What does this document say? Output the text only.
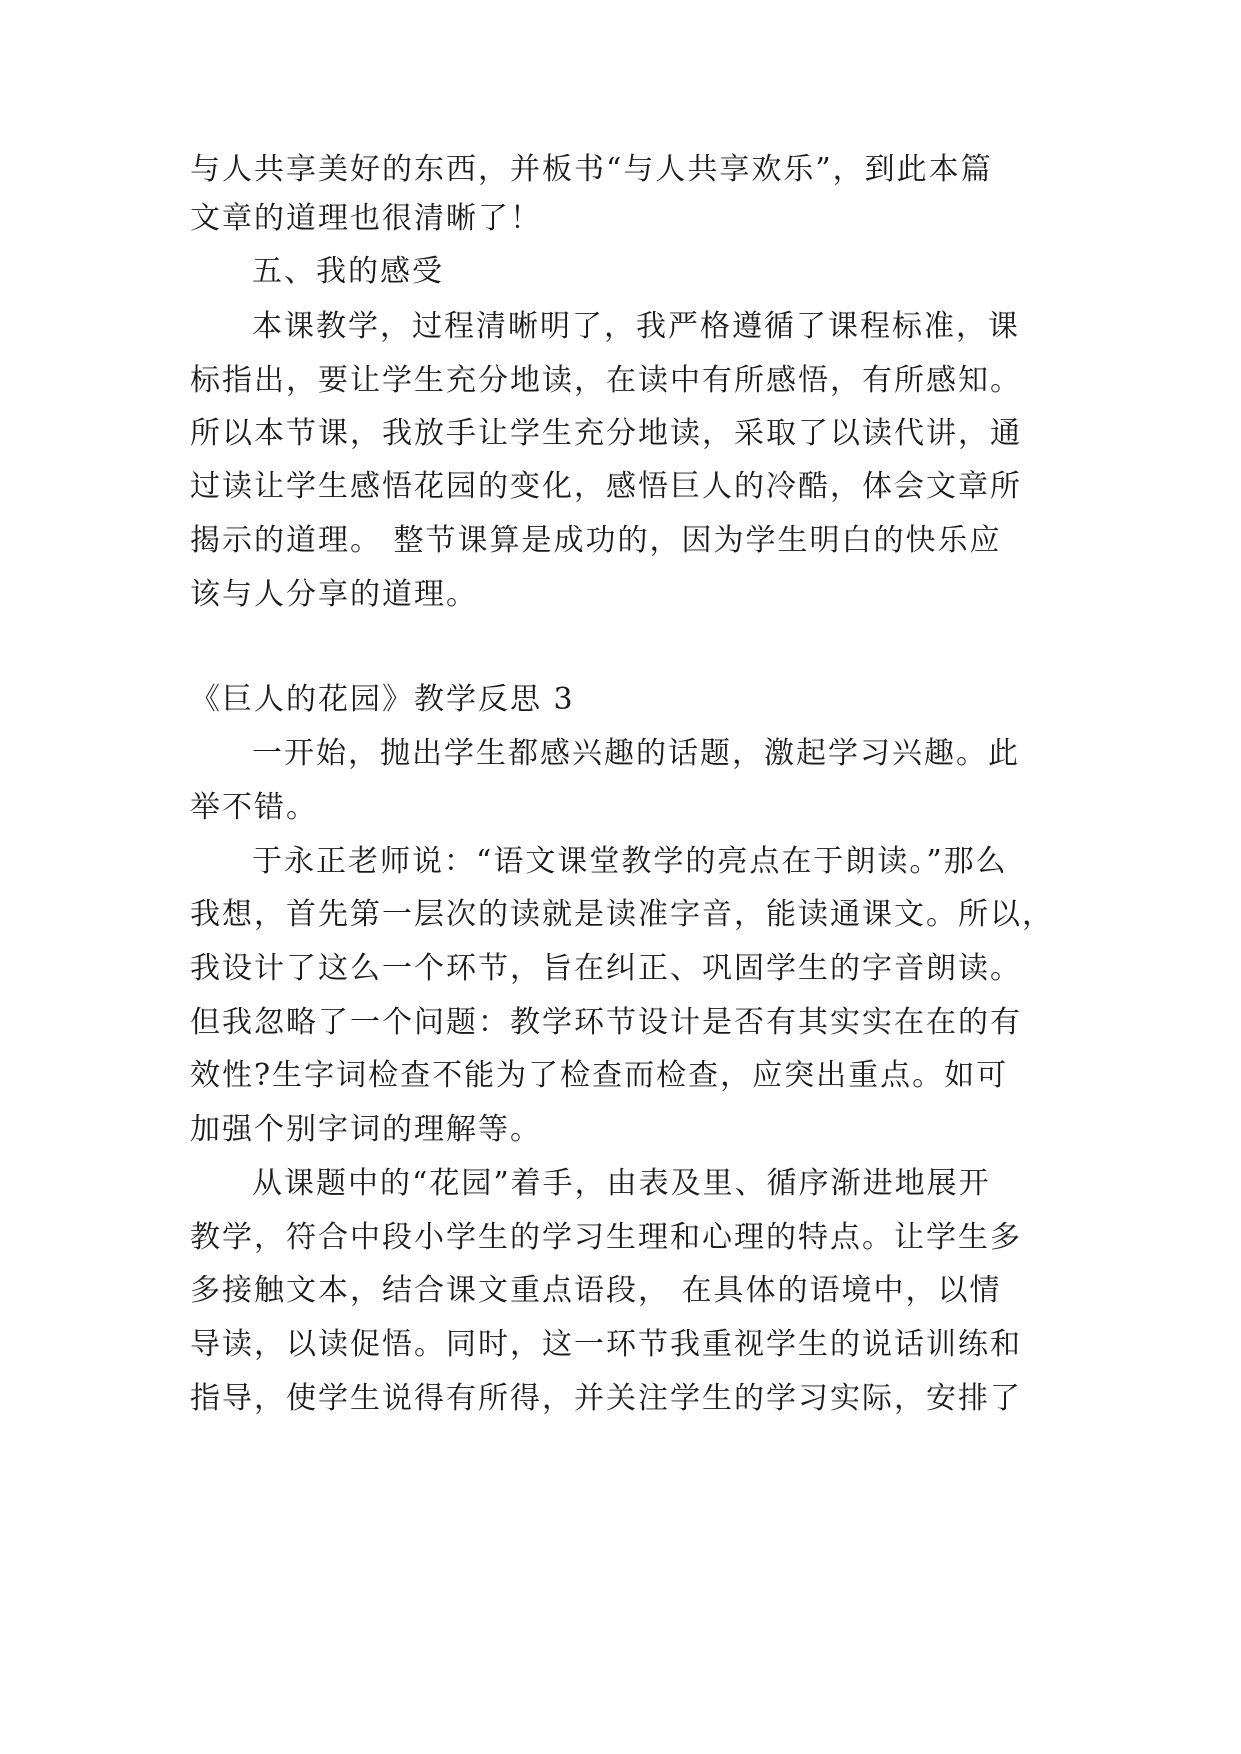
与人共享美好的东西，并板书“与人共享欢乐”，到此本篇
文章的道理也很清晰了！
五、我的感受
本课教学，过程清晰明了，我严格遵循了课程标准，课
标指出，要让学生充分地读，在读中有所感悟，有所感知。
所以本节课，我放手让学生充分地读，采取了以读代讲，通
过读让学生感悟花园的变化，感悟巨人的冷酷，体会文章所
揭示的道理。 整节课算是成功的，因为学生明白的快乐应
该与人分享的道理。
《巨人的花园》教学反思 3
一开始，抛出学生都感兴趣的话题，激起学习兴趣。此
举不错。
于永正老师说：“语文课堂教学的亮点在于朗读。”那么
我想，首先第一层次的读就是读准字音，能读通课文。所以，
我设计了这么一个环节，旨在纠正、巩固学生的字音朗读。
但我忽略了一个问题：教学环节设计是否有其实实在在的有
效性?生字词检查不能为了检查而检查，应突出重点。如可
加强个别字词的理解等。
从课题中的“花园”着手，由表及里、循序渐进地展开
教学，符合中段小学生的学习生理和心理的特点。让学生多
多接触文本，结合课文重点语段， 在具体的语境中，以情
导读，以读促悟。同时，这一环节我重视学生的说话训练和
指导，使学生说得有所得，并关注学生的学习实际，安排了
